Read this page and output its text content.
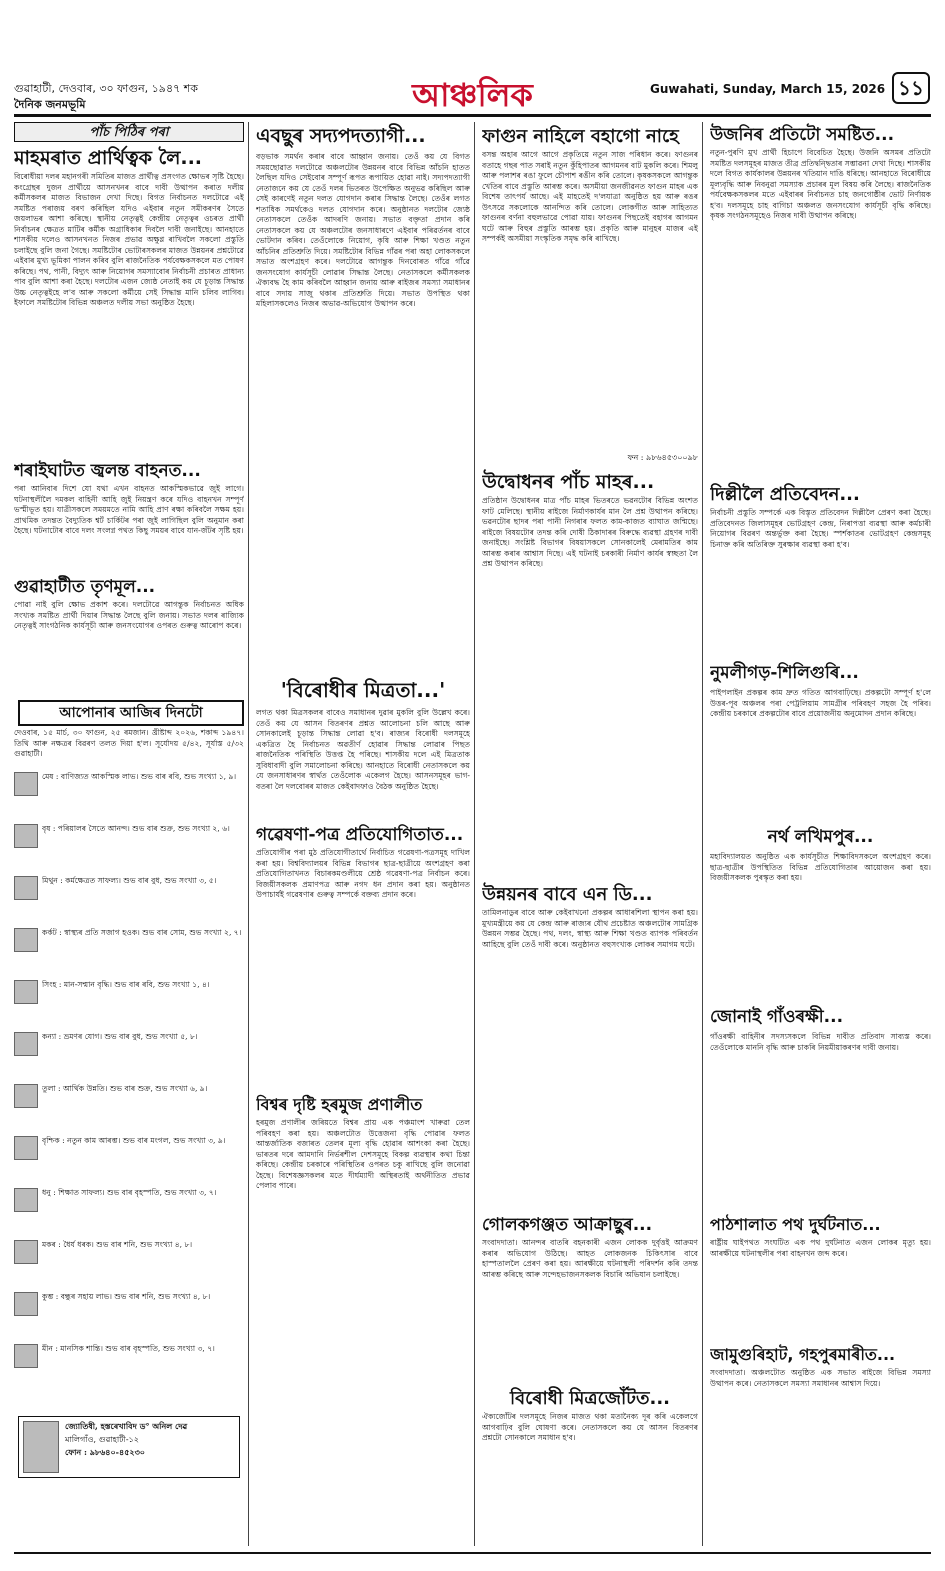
গুৱাহাটী, দেওবাৰ, ৩০ ফাগুন, ১৯৪৭ শক
দৈনিক জনমভূমি	আঞ্চলিক	Guwahati, Sunday, March 15, 2026 ১১
পাঁচ পিঠিৰ পৰা
মাহমৰাত প্ৰাৰ্থিত্বক লৈ...
বিৰোধীয়া দলৰ মহানগৰী সমিতিৰ মাজত প্ৰাৰ্থীত্ব প্ৰসংগত ক্ষোভৰ সৃষ্টি হৈছে। কংগ্ৰেছৰ দুজন প্ৰাৰ্থীয়ে আসনখনৰ বাবে দাবী উত্থাপন কৰাত দলীয় কৰ্মীসকলৰ মাজত বিভাজন দেখা দিছে। বিগত নিৰ্বাচনত দলটোৱে এই সমষ্টিত পৰাজয় বৰণ কৰিছিল যদিও এইবাৰ নতুন সমীকৰণৰ সৈতে জয়লাভৰ আশা কৰিছে। স্থানীয় নেতৃত্বই কেন্দ্ৰীয় নেতৃত্বৰ ওচৰত প্ৰাৰ্থী নিৰ্বাচনৰ ক্ষেত্ৰত মাটিৰ কৰ্মীক অগ্ৰাধিকাৰ দিবলৈ দাবী জনাইছে। আনহাতে শাসকীয় দলেও আসনখনত নিজৰ প্ৰভাৱ অক্ষুণ্ণ ৰাখিবলৈ সকলো প্ৰস্তুতি চলাইছে বুলি জনা গৈছে। সমষ্টিটোৰ ভোটাৰসকলৰ মাজত উন্নয়নৰ প্ৰশ্নটোৱে এইবাৰ মুখ্য ভূমিকা পালন কৰিব বুলি ৰাজনৈতিক পৰ্যবেক্ষকসকলে মত পোষণ কৰিছে। পথ, পানী, বিদ্যুৎ আৰু নিয়োগৰ সমস্যাবোৰ নিৰ্বাচনী প্ৰচাৰত প্ৰাধান্য পাব বুলি আশা কৰা হৈছে। দলটোৰ এজন জ্যেষ্ঠ নেতাই কয় যে চূড়ান্ত সিদ্ধান্ত উচ্চ নেতৃত্বইহে ল'ব আৰু সকলো কৰ্মীয়ে সেই সিদ্ধান্ত মানি চলিব লাগিব। ইফালে সমষ্টিটোৰ বিভিন্ন অঞ্চলত দলীয় সভা অনুষ্ঠিত হৈছে।
শৰাইঘাটত জ্বলন্ত বাহনত...
পৰা আনিবাৰ দিশে যো যথা এখন বাহনত আকস্মিকভাৱে জুই লাগে। ঘটনাস্থলীলৈ দমকল বাহিনী আহি জুই নিয়ন্ত্ৰণ কৰে যদিও বাহনখন সম্পূৰ্ণ ভস্মীভূত হয়। যাত্ৰীসকলে সময়মতে নামি আহি প্ৰাণ ৰক্ষা কৰিবলৈ সক্ষম হয়। প্ৰাথমিক তদন্তত বৈদ্যুতিক শ্বৰ্ট চাৰ্কিটৰ পৰা জুই লাগিছিল বুলি অনুমান কৰা হৈছে। ঘটনাটোৰ বাবে দলং সংলগ্ন পথত কিছু সময়ৰ বাবে যান-জঁটৰ সৃষ্টি হয়।
গুৱাহাটীত তৃণমূল...
পোৱা নাই বুলি ক্ষোভ প্ৰকাশ কৰে। দলটোৱে আগন্তুক নিৰ্বাচনত অধিক সংখ্যক সমষ্টিত প্ৰাৰ্থী দিয়াৰ সিদ্ধান্ত লৈছে বুলি জনায়। সভাত দলৰ ৰাজ্যিক নেতৃত্বই সাংগঠনিক কাৰ্যসূচী আৰু জনসংযোগৰ ওপৰত গুৰুত্ব আৰোপ কৰে।
আপোনাৰ আজিৰ দিনটো
দেওবাৰ, ১৫ মাৰ্চ, ৩০ ফাগুন, ২৫ ৰমজান। খ্ৰীষ্টাব্দ ২০২৬, শকাব্দ ১৯৪৭। তিথি আৰু নক্ষত্ৰৰ বিৱৰণ তলত দিয়া হ'ল। সূৰ্যোদয় ৫/৪২, সূৰ্যাস্ত ৫/৩২ গুৱাহাটী।
মেষ : বাণিজ্যত আকস্মিক লাভ। শুভ বাৰ ৰবি, শুভ সংখ্যা ১, ৯।
বৃষ : পৰিয়ালৰ সৈতে আনন্দ। শুভ বাৰ শুক্ৰ, শুভ সংখ্যা ২, ৬।
মিথুন : কৰ্মক্ষেত্ৰত সাফল্য। শুভ বাৰ বুধ, শুভ সংখ্যা ৩, ৫।
কৰ্কট : স্বাস্থ্যৰ প্ৰতি সজাগ হওক। শুভ বাৰ সোম, শুভ সংখ্যা ২, ৭।
সিংহ : মান-সন্মান বৃদ্ধি। শুভ বাৰ ৰবি, শুভ সংখ্যা ১, ৪।
কন্যা : ভ্ৰমণৰ যোগ। শুভ বাৰ বুধ, শুভ সংখ্যা ৫, ৮।
তুলা : আৰ্থিক উন্নতি। শুভ বাৰ শুক্ৰ, শুভ সংখ্যা ৬, ৯।
বৃশ্চিক : নতুন কাম আৰম্ভ। শুভ বাৰ মংগল, শুভ সংখ্যা ৩, ৯।
ধনু : শিক্ষাত সাফল্য। শুভ বাৰ বৃহস্পতি, শুভ সংখ্যা ৩, ৭।
মকৰ : ধৈৰ্য ধৰক। শুভ বাৰ শনি, শুভ সংখ্যা ৪, ৮।
কুম্ভ : বন্ধুৰ সহায় লাভ। শুভ বাৰ শনি, শুভ সংখ্যা ৪, ৮।
মীন : মানসিক শান্তি। শুভ বাৰ বৃহস্পতি, শুভ সংখ্যা ৩, ৭।
জ্যোতিষী, হস্তৰেখাবিদ ড° অনিল দেৱ
মালিগাঁও, গুৱাহাটী-১২
ফোন : ৯৮৬৪০-৪৫২৩০
এবছুৰ সদ্যপদত্যাগী...
বড়ভাক সমৰ্থন কৰাৰ বাবে আহ্বান জনায়। তেওঁ কয় যে বিগত সময়ছোৱাত দলটোৱে অঞ্চলটোৰ উন্নয়নৰ বাবে বিভিন্ন আঁচনি হাতত লৈছিল যদিও সেইবোৰ সম্পূৰ্ণ ৰূপত ৰূপায়িত হোৱা নাই। সদ্যপদত্যাগী নেতাজনে কয় যে তেওঁ দলৰ ভিতৰত উপেক্ষিত অনুভৱ কৰিছিল আৰু সেই কাৰণেই নতুন দলত যোগদান কৰাৰ সিদ্ধান্ত লৈছে। তেওঁৰ লগত শতাধিক সমৰ্থকেও দলত যোগদান কৰে। অনুষ্ঠানত দলটোৰ জ্যেষ্ঠ নেতাসকলে তেওঁক আদৰণি জনায়। সভাত বক্তৃতা প্ৰদান কৰি নেতাসকলে কয় যে অঞ্চলটোৰ জনসাধাৰণে এইবাৰ পৰিৱৰ্তনৰ বাবে ভোটদান কৰিব। তেওঁলোকে নিয়োগ, কৃষি আৰু শিক্ষা খণ্ডত নতুন আঁচনিৰ প্ৰতিশ্ৰুতি দিয়ে। সমষ্টিটোৰ বিভিন্ন গাঁৱৰ পৰা অহা লোকসকলে সভাত অংশগ্ৰহণ কৰে। দলটোৱে আগন্তুক দিনবোৰত গাঁৱে গাঁৱে জনসংযোগ কাৰ্যসূচী লোৱাৰ সিদ্ধান্ত লৈছে। নেতাসকলে কৰ্মীসকলক ঐক্যবদ্ধ হৈ কাম কৰিবলৈ আহ্বান জনায় আৰু ৰাইজৰ সমস্যা সমাধানৰ বাবে সদায় সাজু থকাৰ প্ৰতিশ্ৰুতি দিয়ে। সভাত উপস্থিত থকা মহিলাসকলেও নিজৰ অভাৱ-অভিযোগ উত্থাপন কৰে।
'বিৰোধীৰ মিত্ৰতা...'
লগত থকা মিত্ৰসকলৰ বাবেও সমাধানৰ দুৱাৰ মুকলি বুলি উল্লেখ কৰে। তেওঁ কয় যে আসন বিতৰণৰ প্ৰশ্নত আলোচনা চলি আছে আৰু সোনকালেই চূড়ান্ত সিদ্ধান্ত লোৱা হ'ব। ৰাজ্যৰ বিৰোধী দলসমূহে একত্ৰিত হৈ নিৰ্বাচনত অৱতীৰ্ণ হোৱাৰ সিদ্ধান্ত লোৱাৰ পিছত ৰাজনৈতিক পৰিস্থিতি উত্তপ্ত হৈ পৰিছে। শাসকীয় দলে এই মিত্ৰতাক সুবিধাবাদী বুলি সমালোচনা কৰিছে। আনহাতে বিৰোধী নেতাসকলে কয় যে জনসাধাৰণৰ স্বাৰ্থত তেওঁলোক একেলগ হৈছে। আসনসমূহৰ ভাগ-বতৰা লৈ দলবোৰৰ মাজত কেইবাদফাও বৈঠক অনুষ্ঠিত হৈছে।
গৱেষণা-পত্ৰ প্ৰতিযোগিতাত...
প্ৰতিযোগীৰ পৰা মুঠ প্ৰতিযোগীতাৰ্থে নিৰ্বাচিত গৱেষণা-পত্ৰসমূহ দাখিল কৰা হয়। বিশ্ববিদ্যালয়ৰ বিভিন্ন বিভাগৰ ছাত্ৰ-ছাত্ৰীয়ে অংশগ্ৰহণ কৰা প্ৰতিযোগিতাখনত বিচাৰকমণ্ডলীয়ে শ্ৰেষ্ঠ গৱেষণা-পত্ৰ নিৰ্বাচন কৰে। বিজয়ীসকলক প্ৰমাণপত্ৰ আৰু নগদ ধন প্ৰদান কৰা হয়। অনুষ্ঠানত উপাচাৰ্যই গৱেষণাৰ গুৰুত্ব সম্পৰ্কে বক্তব্য প্ৰদান কৰে।
বিশ্বৰ দৃষ্টি হৰমুজ প্ৰণালীত
হৰমুজ প্ৰণালীৰ জৰিয়তে বিশ্বৰ প্ৰায় এক পঞ্চমাংশ খাৰুৱা তেল পৰিবহণ কৰা হয়। অঞ্চলটোত উত্তেজনা বৃদ্ধি পোৱাৰ ফলত আন্তৰ্জাতিক বজাৰত তেলৰ মূল্য বৃদ্ধি হোৱাৰ আশংকা কৰা হৈছে। ভাৰতৰ দৰে আমদানি নিৰ্ভৰশীল দেশসমূহে বিকল্প ব্যৱস্থাৰ কথা চিন্তা কৰিছে। কেন্দ্ৰীয় চৰকাৰে পৰিস্থিতিৰ ওপৰত চকু ৰাখিছে বুলি জনোৱা হৈছে। বিশেষজ্ঞসকলৰ মতে দীৰ্ঘম্যাদী অস্থিৰতাই অৰ্থনীতিত প্ৰভাৱ পেলাব পাৰে।
ফাগুন নাহিলে বহাগো নাহে
বসন্ত অহাৰ আগে আগে প্ৰকৃতিয়ে নতুন সাজ পৰিধান কৰে। ফাগুনৰ বতাহে গছৰ পাত সৰাই নতুন কুঁহিপাতৰ আগমনৰ বাট মুকলি কৰে। শিমলু আৰু পলাশৰ ৰঙা ফুলে চৌপাশ ৰঙীন কৰি তোলে। কৃষকসকলে আগন্তুক খেতিৰ বাবে প্ৰস্তুতি আৰম্ভ কৰে। অসমীয়া জনজীৱনত ফাগুন মাহৰ এক বিশেষ তাৎপৰ্য আছে। এই মাহতেই দ'লযাত্ৰা অনুষ্ঠিত হয় আৰু ৰঙৰ উৎসৱে সকলোকে আনন্দিত কৰি তোলে। লোকগীত আৰু সাহিত্যত ফাগুনৰ বৰ্ণনা বহুলভাৱে পোৱা যায়। ফাগুনৰ পিছতেই বহাগৰ আগমন ঘটে আৰু বিহুৰ প্ৰস্তুতি আৰম্ভ হয়। প্ৰকৃতি আৰু মানুহৰ মাজৰ এই সম্পৰ্কই অসমীয়া সংস্কৃতিক সমৃদ্ধ কৰি ৰাখিছে।
ফন : ৯৮৬৪৫৩০০৯৮
উদ্বোধনৰ পাঁচ মাহৰ...
প্ৰতিষ্ঠান উদ্বোধনৰ মাত্ৰ পাঁচ মাহৰ ভিতৰতে ভৱনটোৰ বিভিন্ন অংশত ফাট মেলিছে। স্থানীয় ৰাইজে নিৰ্মাণকাৰ্যৰ মান লৈ প্ৰশ্ন উত্থাপন কৰিছে। ভৱনটোৰ ছাদৰ পৰা পানী নিগৰাৰ ফলত কাম-কাজত ব্যাঘাত জন্মিছে। ৰাইজে বিষয়টোৰ তদন্ত কৰি দোষী ঠিকাদাৰৰ বিৰুদ্ধে ব্যৱস্থা গ্ৰহণৰ দাবী জনাইছে। সংশ্লিষ্ট বিভাগৰ বিষয়াসকলে সোনকালেই মেৰামতিৰ কাম আৰম্ভ কৰাৰ আশ্বাস দিছে। এই ঘটনাই চৰকাৰী নিৰ্মাণ কাৰ্যৰ স্বচ্ছতা লৈ প্ৰশ্ন উত্থাপন কৰিছে।
উন্নয়নৰ বাবে এন ডি...
তামিলনাডুৰ বাবে আৰু কেইবাখনো প্ৰকল্পৰ আধাৰশিলা স্থাপন কৰা হয়। মুখ্যমন্ত্ৰীয়ে কয় যে কেন্দ্ৰ আৰু ৰাজ্যৰ যৌথ প্ৰচেষ্টাত অঞ্চলটোৰ সামগ্ৰিক উন্নয়ন সম্ভৱ হৈছে। পথ, দলং, স্বাস্থ্য আৰু শিক্ষা খণ্ডত ব্যাপক পৰিবৰ্তন আহিছে বুলি তেওঁ দাবী কৰে। অনুষ্ঠানত বহুসংখ্যক লোকৰ সমাগম ঘটে।
গোলকগঞ্জত আক্ৰাছুৰ...
সংবাদদাতা। আনন্দৰ বাতৰি বহনকাৰী এজন লোকক দুৰ্বৃত্তই আক্ৰমণ কৰাৰ অভিযোগ উঠিছে। আহত লোকজনক চিকিৎসাৰ বাবে হাস্পতাললৈ প্ৰেৰণ কৰা হয়। আৰক্ষীয়ে ঘটনাস্থলী পৰিদৰ্শন কৰি তদন্ত আৰম্ভ কৰিছে আৰু সন্দেহভাজনসকলক বিচাৰি অভিযান চলাইছে।
বিৰোধী মিত্ৰজোঁটত...
ঐক্যজোঁটৰ দলসমূহে নিজৰ মাজত থকা মতানৈক্য দূৰ কৰি একেলগে আগবাঢ়িব বুলি ঘোষণা কৰে। নেতাসকলে কয় যে আসন বিতৰণৰ প্ৰশ্নটো সোনকালে সমাধান হ'ব।
উজনিৰ প্ৰতিটো সমষ্টিত...
নতুন-পুৰণি মুখ প্ৰাৰ্থী হিচাপে বিবেচিত হৈছে। উজনি অসমৰ প্ৰতিটো সমষ্টিত দলসমূহৰ মাজত তীব্ৰ প্ৰতিদ্বন্দ্বিতাৰ সম্ভাৱনা দেখা দিছে। শাসকীয় দলে বিগত কাৰ্যকালৰ উন্নয়নৰ খতিয়ান দাঙি ধৰিছে। আনহাতে বিৰোধীয়ে মূল্যবৃদ্ধি আৰু নিবনুৱা সমস্যাক প্ৰচাৰৰ মূল বিষয় কৰি লৈছে। ৰাজনৈতিক পৰ্যবেক্ষকসকলৰ মতে এইবাৰৰ নিৰ্বাচনত চাহ জনগোষ্ঠীৰ ভোট নিৰ্ণায়ক হ'ব। দলসমূহে চাহ বাগিচা অঞ্চলত জনসংযোগ কাৰ্যসূচী বৃদ্ধি কৰিছে। কৃষক সংগঠনসমূহেও নিজৰ দাবী উত্থাপন কৰিছে।
দিল্লীলৈ প্ৰতিবেদন...
নিৰ্বাচনী প্ৰস্তুতি সম্পৰ্কে এক বিস্তৃত প্ৰতিবেদন দিল্লীলৈ প্ৰেৰণ কৰা হৈছে। প্ৰতিবেদনত জিলাসমূহৰ ভোটগ্ৰহণ কেন্দ্ৰ, নিৰাপত্তা ব্যৱস্থা আৰু কৰ্মচাৰী নিয়োগৰ বিৱৰণ অন্তৰ্ভুক্ত কৰা হৈছে। স্পৰ্শকাতৰ ভোটগ্ৰহণ কেন্দ্ৰসমূহ চিনাক্ত কৰি অতিৰিক্ত সুৰক্ষাৰ ব্যৱস্থা কৰা হ'ব।
নুমলীগড়-শিলিগুৰি...
পাইপলাইন প্ৰকল্পৰ কাম দ্ৰুত গতিত আগবাঢ়িছে। প্ৰকল্পটো সম্পূৰ্ণ হ'লে উত্তৰ-পূব অঞ্চলৰ পৰা পেট্ৰলিয়াম সামগ্ৰীৰ পৰিবহণ সহজ হৈ পৰিব। কেন্দ্ৰীয় চৰকাৰে প্ৰকল্পটোৰ বাবে প্ৰয়োজনীয় অনুমোদন প্ৰদান কৰিছে।
নৰ্থ লখিমপুৰ...
মহাবিদ্যালয়ত অনুষ্ঠিত এক কাৰ্যসূচীত শিক্ষাবিদসকলে অংশগ্ৰহণ কৰে। ছাত্ৰ-ছাত্ৰীৰ উপস্থিতিত বিভিন্ন প্ৰতিযোগিতাৰ আয়োজন কৰা হয়। বিজয়ীসকলক পুৰস্কৃত কৰা হয়।
জোনাই গাঁওৰক্ষী...
গাঁওৰক্ষী বাহিনীৰ সদস্যসকলে বিভিন্ন দাবীত প্ৰতিবাদ সাব্যস্ত কৰে। তেওঁলোকে মাননি বৃদ্ধি আৰু চাকৰি নিয়মীয়াকৰণৰ দাবী জনায়।
পাঠশালাত পথ দুৰ্ঘটনাত...
ৰাষ্ট্ৰীয় ঘাইপথত সংঘটিত এক পথ দুৰ্ঘটনাত এজন লোকৰ মৃত্যু হয়। আৰক্ষীয়ে ঘটনাস্থলীৰ পৰা বাহনখন জব্দ কৰে।
জামুগুৰিহাট, গহপুৰমাৰীত...
সংবাদদাতা। অঞ্চলটোত অনুষ্ঠিত এক সভাত ৰাইজে বিভিন্ন সমস্যা উত্থাপন কৰে। নেতাসকলে সমস্যা সমাধানৰ আশ্বাস দিয়ে।
